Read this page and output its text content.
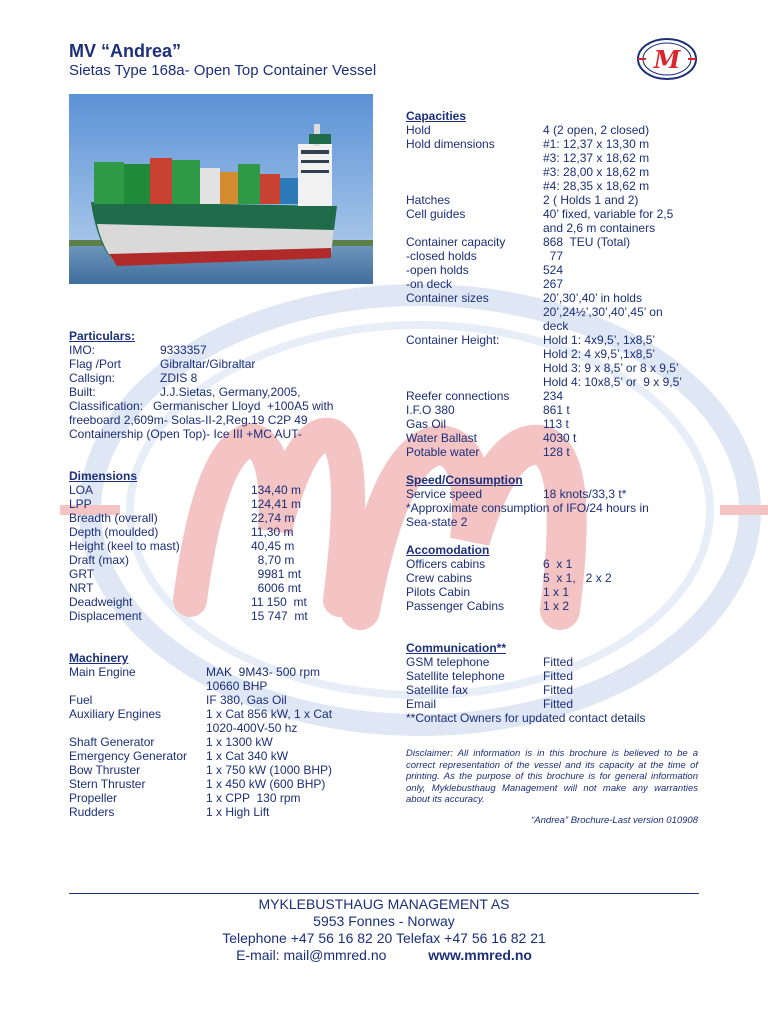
MV “Andrea”
Sietas Type 168a- Open Top Container Vessel	M
Particulars:
IMO:	9333357
Flag /Port	Gibraltar/Gibraltar
Callsign:	ZDIS 8
Built:	J.J.Sietas, Germany,2005,
Classification:   Germanischer Lloyd  +100A5 with
freeboard 2,609m- Solas-II-2,Reg.19 C2P 49
Containership (Open Top)- Ice III +MC AUT-
Dimensions
LOA	134,40 m
LPP	124,41 m
Breadth (overall)	22,74 m
Depth (moulded)	11,30 m
Height (keel to mast)	40,45 m
Draft (max)	8,70 m
GRT	9981 mt
NRT	6006 mt
Deadweight	11 150  mt
Displacement	15 747  mt
Machinery
Main Engine	MAK  9M43- 500 rpm
10660 BHP
Fuel	IF 380, Gas Oil
Auxiliary Engines	1 x Cat 856 kW, 1 x Cat
1020-400V-50 hz
Shaft Generator	1 x 1300 kW
Emergency Generator 1 x Cat 340 kW
Bow Thruster	1 x 750 kW (1000 BHP)
Stern Thruster	1 x 450 kW (600 BHP)
Propeller	1 x CPP  130 rpm
Rudders	1 x High Lift
Capacities
Hold	4 (2 open, 2 closed)
Hold dimensions	#1: 12,37 x 13,30 m
#3: 12,37 x 18,62 m
#3: 28,00 x 18,62 m
#4: 28,35 x 18,62 m
Hatches	2 ( Holds 1 and 2)
Cell guides	40’ fixed, variable for 2,5
and 2,6 m containers
Container capacity	868  TEU (Total)
-closed holds	77
-open holds	524
-on deck	267
Container sizes	20’,30’,40’ in holds
20’,24½’,30’,40’,45’ on
deck
Container Height:	Hold 1: 4x9,5’, 1x8,5’
Hold 2: 4 x9,5’,1x8,5’
Hold 3: 9 x 8,5’ or 8 x 9,5’
Hold 4: 10x8,5’ or  9 x 9,5’
Reefer connections	234
I.F.O 380	861 t
Gas Oil	113 t
Water Ballast	4030 t
Potable water	128 t
Speed/Consumption
Service speed	18 knots/33,3 t*
*Approximate consumption of IFO/24 hours in
Sea-state 2
Accomodation
Officers cabins	6  x 1
Crew cabins	5  x 1,   2 x 2
Pilots Cabin	1 x 1
Passenger Cabins	1 x 2
Communication**
GSM telephone	Fitted
Satellite telephone	Fitted
Satellite fax	Fitted
Email	Fitted
**Contact Owners for updated contact details
Disclaimer: All information is in this brochure is believed to be a correct representation of the vessel and its capacity at the time of printing. As the purpose of this brochure is for general information only, Myklebusthaug Management will not make any warranties about its accuracy.
“Andrea” Brochure-Last version 010908
MYKLEBUSTHAUG MANAGEMENT AS
5953 Fonnes - Norway
Telephone +47 56 16 82 20 Telefax +47 56 16 82 21
E-mail: mail@mmred.no	www.mmred.no
